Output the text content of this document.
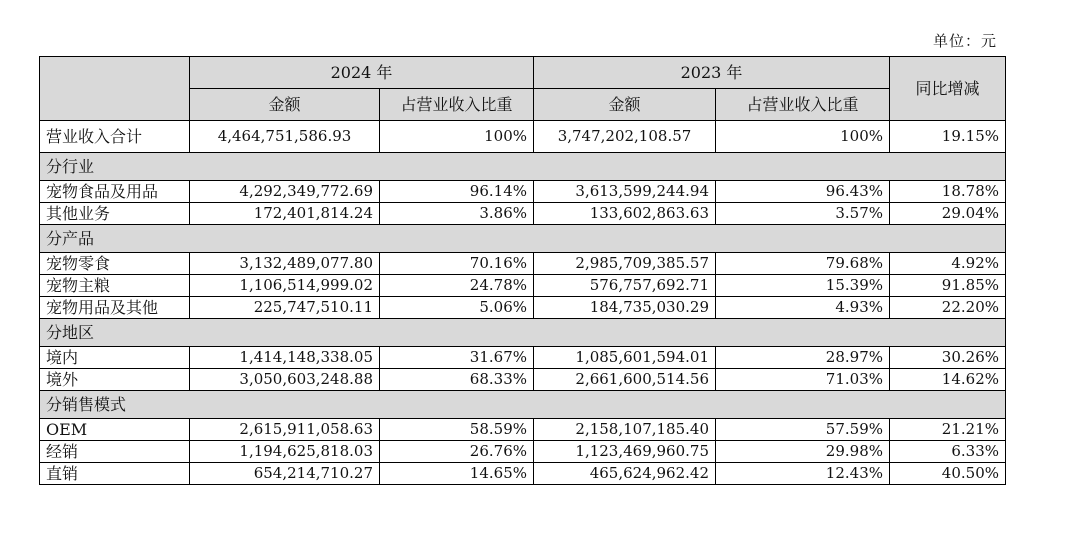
单位：元
	2024 年		2023 年		同比增减
	金额	占营业收入比重	金额	占营业收入比重	
营业收入合计	4,464,751,586.93	100%	3,747,202,108.57	100%	19.15%
分行业					
宠物食品及用品	4,292,349,772.69	96.14%	3,613,599,244.94	96.43%	18.78%
其他业务	172,401,814.24	3.86%	133,602,863.63	3.57%	29.04%
分产品					
宠物零食	3,132,489,077.80	70.16%	2,985,709,385.57	79.68%	4.92%
宠物主粮	1,106,514,999.02	24.78%	576,757,692.71	15.39%	91.85%
宠物用品及其他	225,747,510.11	5.06%	184,735,030.29	4.93%	22.20%
分地区					
境内	1,414,148,338.05	31.67%	1,085,601,594.01	28.97%	30.26%
境外	3,050,603,248.88	68.33%	2,661,600,514.56	71.03%	14.62%
分销售模式					
OEM	2,615,911,058.63	58.59%	2,158,107,185.40	57.59%	21.21%
经销	1,194,625,818.03	26.76%	1,123,469,960.75	29.98%	6.33%
直销	654,214,710.27	14.65%	465,624,962.42	12.43%	40.50%
